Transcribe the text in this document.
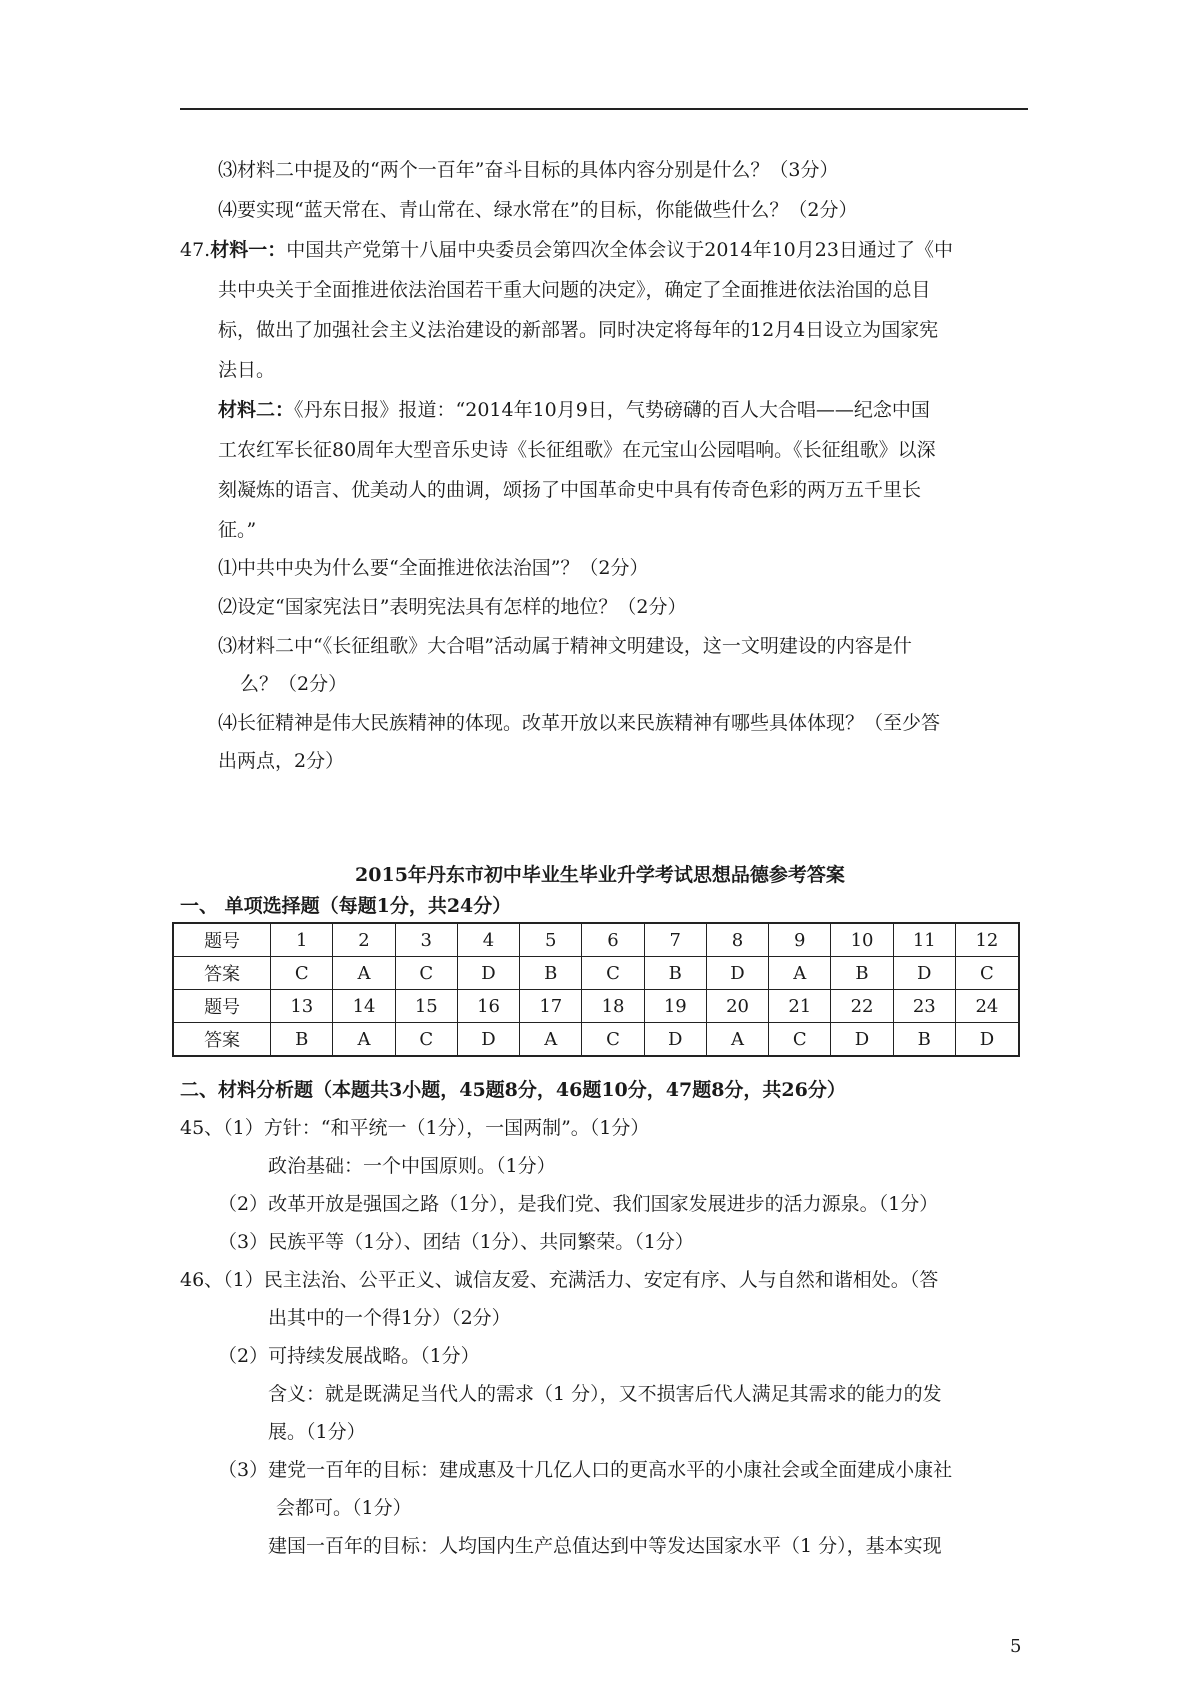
⑶材料二中提及的“两个一百年”奋斗目标的具体内容分别是什么？（3分）
⑷要实现“蓝天常在、青山常在、绿水常在”的目标，你能做些什么？（2分）
47.材料一：中国共产党第十八届中央委员会第四次全体会议于2014年10月23日通过了《中
共中央关于全面推进依法治国若干重大问题的决定》，确定了全面推进依法治国的总目
标，做出了加强社会主义法治建设的新部署。同时决定将每年的12月4日设立为国家宪
法日。
材料二：《丹东日报》报道：“2014年10月9日，气势磅礴的百人大合唱——纪念中国
工农红军长征80周年大型音乐史诗《长征组歌》在元宝山公园唱响。《长征组歌》以深
刻凝炼的语言、优美动人的曲调，颂扬了中国革命史中具有传奇色彩的两万五千里长
征。”
⑴中共中央为什么要“全面推进依法治国”？（2分）
⑵设定“国家宪法日”表明宪法具有怎样的地位？（2分）
⑶材料二中“《长征组歌》大合唱”活动属于精神文明建设，这一文明建设的内容是什
么？（2分）
⑷长征精神是伟大民族精神的体现。改革开放以来民族精神有哪些具体体现？（至少答
出两点，2分）
2015年丹东市初中毕业生毕业升学考试思想品德参考答案
一、 单项选择题（每题1分，共24分）
题号	1	2	3	4	5	6	7	8	9	10	11	12
答案	C	A	C	D	B	C	B	D	A	B	D	C
题号	13	14	15	16	17	18	19	20	21	22	23	24
答案	B	A	C	D	A	C	D	A	C	D	B	D
二、材料分析题（本题共3小题，45题8分，46题10分，47题8分，共26分）
45、（1）方针：“和平统一（1分），一国两制”。（1分）
政治基础：一个中国原则。（1分）
（2）改革开放是强国之路（1分），是我们党、我们国家发展进步的活力源泉。（1分）
（3）民族平等（1分）、团结（1分）、共同繁荣。（1分）
46、（1）民主法治、公平正义、诚信友爱、充满活力、安定有序、人与自然和谐相处。（答
出其中的一个得1分）（2分）
（2）可持续发展战略。（1分）
含义：就是既满足当代人的需求（1 分），又不损害后代人满足其需求的能力的发
展。（1分）
（3）建党一百年的目标：建成惠及十几亿人口的更高水平的小康社会或全面建成小康社
会都可。（1分）
建国一百年的目标：人均国内生产总值达到中等发达国家水平（1 分），基本实现
5
